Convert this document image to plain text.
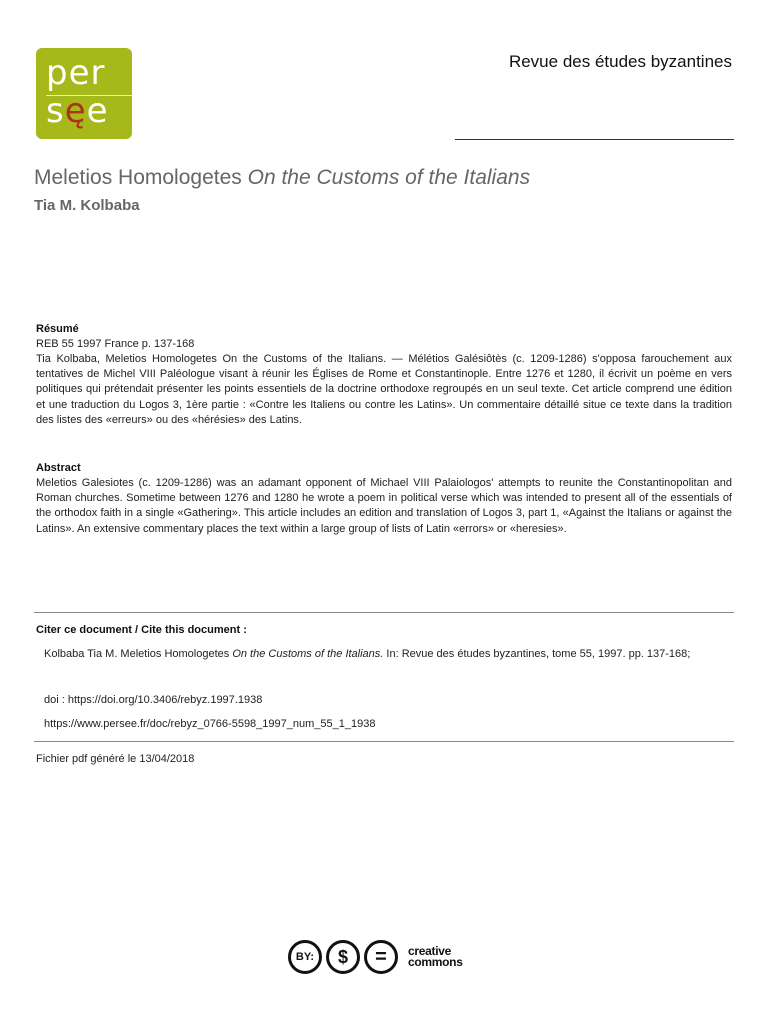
per
sęe
Revue des études byzantines
Meletios Homologetes On the Customs of the Italians
Tia M. Kolbaba
Résumé
REB 55 1997 France p. 137-168
Tia Kolbaba, Meletios Homologetes On the Customs of the Italians. — Mélétios Galésiôtès (c. 1209-1286) s'opposa farouchement aux tentatives de Michel VIII Paléologue visant à réunir les Églises de Rome et Constantinople. Entre 1276 et 1280, il écrivit un poème en vers politiques qui prétendait présenter les points essentiels de la doctrine orthodoxe regroupés en un seul texte. Cet article comprend une édition et une traduction du Logos 3, 1ère partie : «Contre les Italiens ou contre les Latins». Un commentaire détaillé situe ce texte dans la tradition des listes des «erreurs» ou des «hérésies» des Latins.
Abstract
Meletios Galesiotes (c. 1209-1286) was an adamant opponent of Michael VIII Palaiologos' attempts to reunite the Constantinopolitan and Roman churches. Sometime between 1276 and 1280 he wrote a poem in political verse which was intended to present all of the essentials of the orthodox faith in a single «Gathering». This article includes an edition and translation of Logos 3, part 1, «Against the Italians or against the Latins». An extensive commentary places the text within a large group of lists of Latin «errors» or «heresies».
Citer ce document / Cite this document :
Kolbaba Tia M. Meletios Homologetes On the Customs of the Italians. In: Revue des études byzantines, tome 55, 1997. pp. 137-168;
doi : https://doi.org/10.3406/rebyz.1997.1938
https://www.persee.fr/doc/rebyz_0766-5598_1997_num_55_1_1938
Fichier pdf généré le 13/04/2018
BY:	$	=	creative
commons
